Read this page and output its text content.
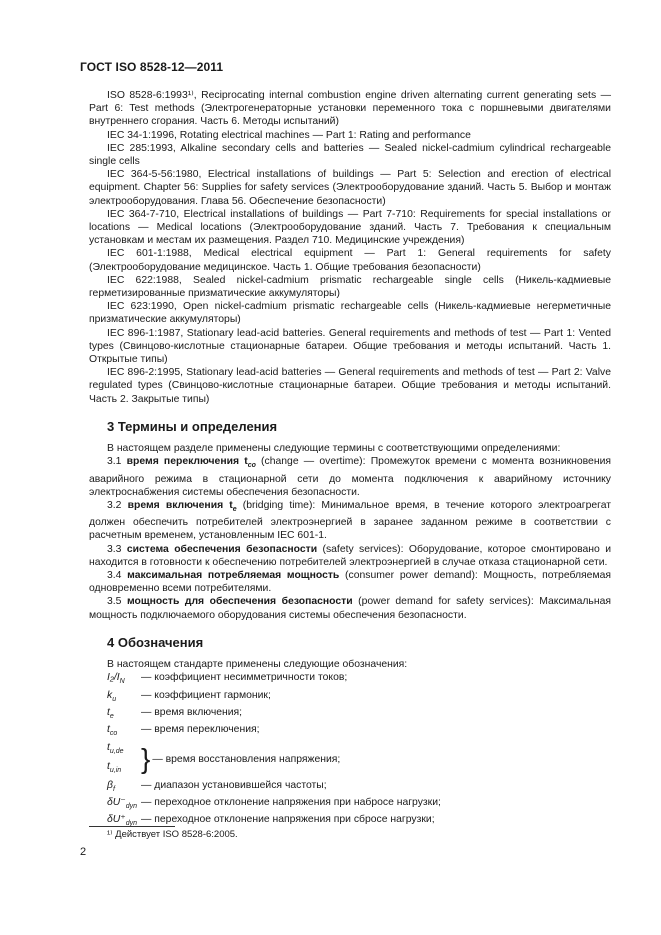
ГОСТ ISO 8528-12—2011

ISO 8528-6:1993¹⁾, Reciprocating internal combustion engine driven alternating current generating sets — Part 6: Test methods (Электрогенераторные установки переменного тока с поршневыми двигателями внутреннего сгорания. Часть 6. Методы испытаний)

IEC 34-1:1996, Rotating electrical machines — Part 1: Rating and performance

IEC 285:1993, Alkaline secondary cells and batteries — Sealed nickel-cadmium cylindrical rechargeable single cells

IEC 364-5-56:1980, Electrical installations of buildings — Part 5: Selection and erection of electrical equipment. Chapter 56: Supplies for safety services (Электрооборудование зданий. Часть 5. Выбор и монтаж электрооборудования. Глава 56. Обеспечение безопасности)

IEC 364-7-710, Electrical installations of buildings — Part 7-710: Requirements for special installations or locations — Medical locations (Электрооборудование зданий. Часть 7. Требования к специальным установкам и местам их размещения. Раздел 710. Медицинские учреждения)

IEC 601-1:1988, Medical electrical equipment — Part 1: General requirements for safety (Электрооборудование медицинское. Часть 1. Общие требования безопасности)

IEC 622:1988, Sealed nickel-cadmium prismatic rechargeable single cells (Никель-кадмиевые герметизированные призматические аккумуляторы)

IEC 623:1990, Open nickel-cadmium prismatic rechargeable cells (Никель-кадмиевые негерметичные призматические аккумуляторы)

IEC 896-1:1987, Stationary lead-acid batteries. General requirements and methods of test — Part 1: Vented types (Свинцово-кислотные стационарные батареи. Общие требования и методы испытаний. Часть 1. Открытые типы)

IEC 896-2:1995, Stationary lead-acid batteries — General requirements and methods of test — Part 2: Valve regulated types (Свинцово-кислотные стационарные батареи. Общие требования и методы испытаний. Часть 2. Закрытые типы)

3 Термины и определения

В настоящем разделе применены следующие термины с соответствующими определениями:

3.1 время переключения $t_{co}$ (change — overtime): Промежуток времени с момента возникновения аварийного режима в стационарной сети до момента подключения к аварийному источнику электроснабжения системы обеспечения безопасности.

3.2 время включения $t_e$ (bridging time): Минимальное время, в течение которого электроагрегат должен обеспечить потребителей электроэнергией в заранее заданном режиме в соответствии с расчетным временем, установленным IEC 601-1.

3.3 система обеспечения безопасности (safety services): Оборудование, которое смонтировано и находится в готовности к обеспечению потребителей электроэнергией в случае отказа стационарной сети.

3.4 максимальная потребляемая мощность (consumer power demand): Мощность, потребляемая одновременно всеми потребителями.

3.5 мощность для обеспечения безопасности (power demand for safety services): Максимальная мощность подключаемого оборудования системы обеспечения безопасности.

4 Обозначения

В настоящем стандарте применены следующие обозначения:

$I_2/I_N$	— коэффициент несимметричности токов;
$k_u$	— коэффициент гармоник;
$t_e$	— время включения;
$t_{co}$	— время переключения;
$t_{u,de}$
$t_{u,in}$ } — время восстановления напряжения;
$\beta_f$	— диапазон установившейся частоты;
$\delta U^-_{dyn}$ — переходное отклонение напряжения при набросе нагрузки;
$\delta U^+_{dyn}$ — переходное отклонение напряжения при сбросе нагрузки;
¹⁾ Действует ISO 8528-6:2005.
2
